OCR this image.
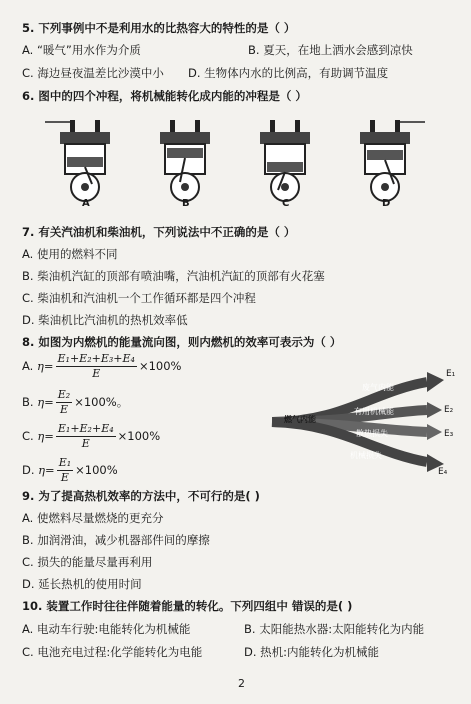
5. 下列事例中不是利用水的比热容大的特性的是（ ）
A. “暖气”用水作为介质	B. 夏天，在地上洒水会感到凉快
C. 海边昼夜温差比沙漠中小 D. 生物体内水的比例高，有助调节温度
6. 图中的四个冲程，将机械能转化成内能的冲程是（ ）
A	B	C	D
7. 有关汽油机和柴油机，下列说法中不正确的是（ ）
A. 使用的燃料不同
B. 柴油机汽缸的顶部有喷油嘴，汽油机汽缸的顶部有火花塞
C. 柴油机和汽油机一个工作循环都是四个冲程
D. 柴油机比汽油机的热机效率低
8. 如图为内燃机的能量流向图，则内燃机的效率可表示为（ ）
A. $\eta= \frac{\text{E₁+E₂+E₃+E₄}}{E} \times 100\%$
B. $\eta= \frac{\text{E₂}}{E} \times 100\%$。
C. $\eta= \frac{\text{E₁+E₂+E₄}}{E} \times 100\%$
D. $\eta= \frac{\text{E₁}}{E} \times 100\%$
燃气内能
废气内能
有用机械能
散热损失
机械损失
E₁
E₂
E₃
E₄
9. 为了提高热机效率的方法中，不可行的是( )
A. 使燃料尽量燃烧的更充分
B. 加润滑油，减少机器部件间的摩擦
C. 损失的能量尽量再利用
D. 延长热机的使用时间
10. 装置工作时往往伴随着能量的转化。下列四组中 错误的是( )
A. 电动车行驶:电能转化为机械能	B. 太阳能热水器:太阳能转化为内能
C. 电池充电过程:化学能转化为电能	D. 热机:内能转化为机械能
2
